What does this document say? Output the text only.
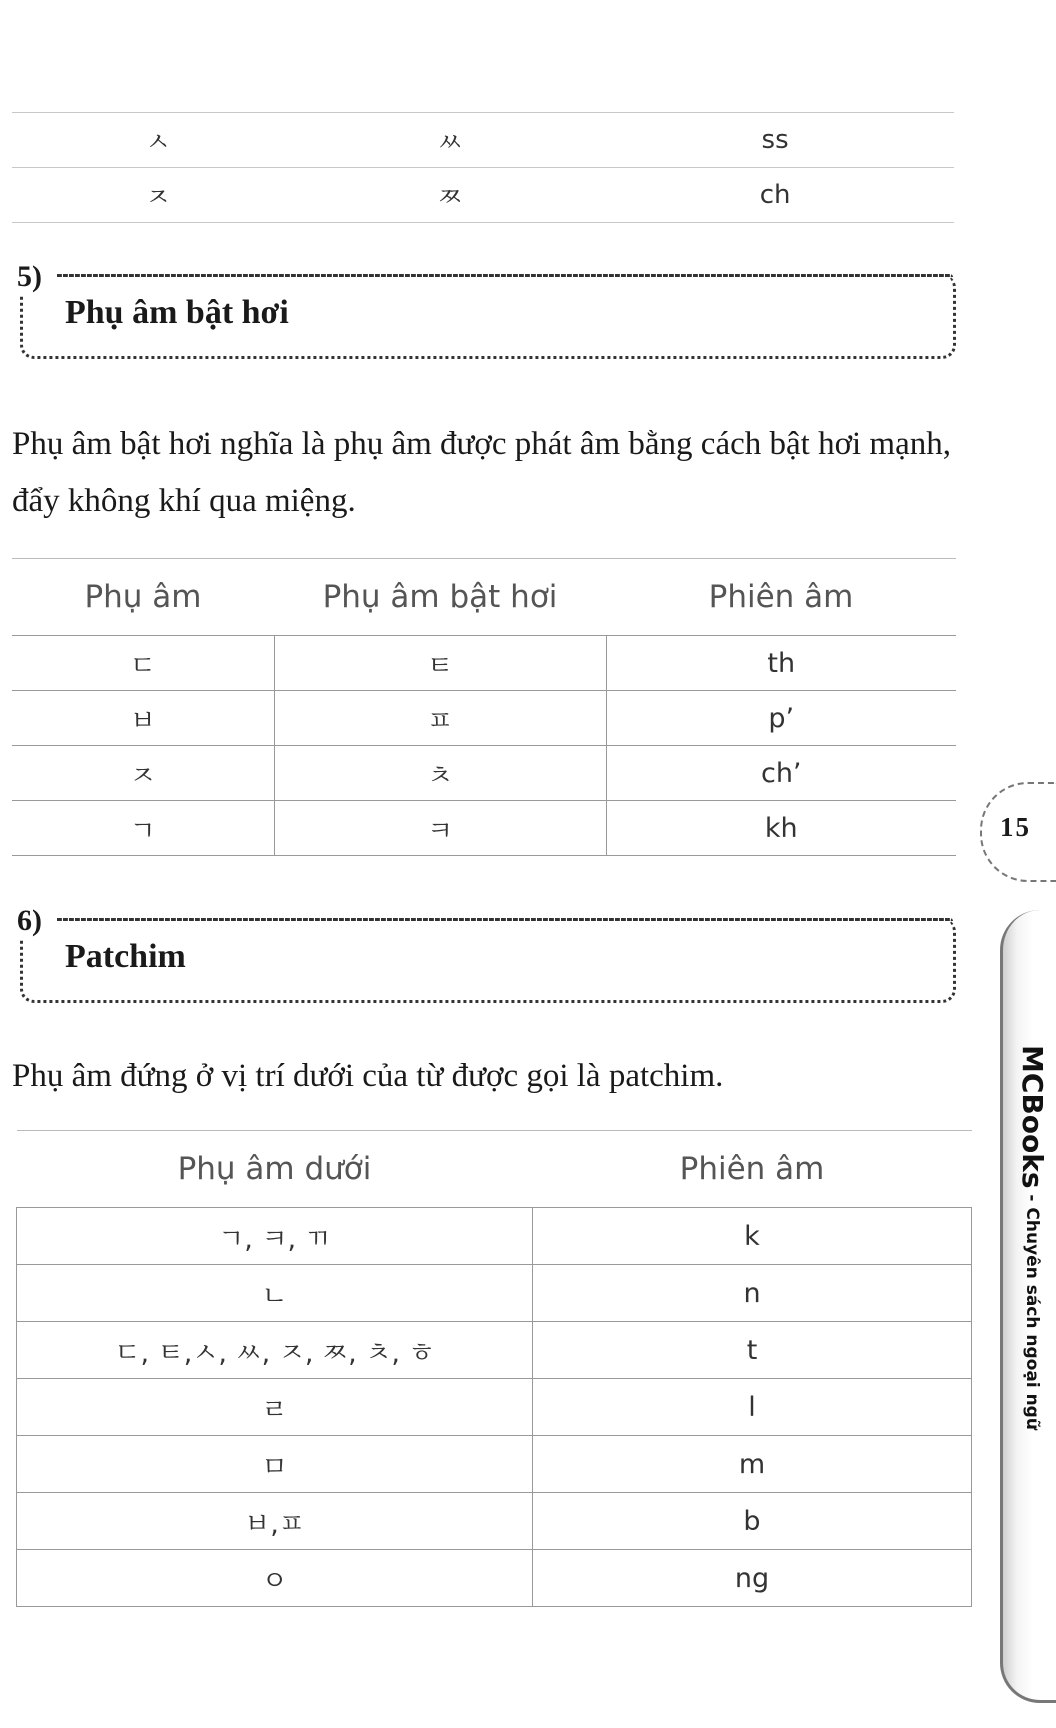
ㅅ	ㅆ	ss
ㅈ	ㅉ	ch
5)
Phụ âm bật hơi
Phụ âm bật hơi nghĩa là phụ âm được phát âm bằng cách bật hơi mạnh, đẩy không khí qua miệng.
Phụ âm	Phụ âm bật hơi	Phiên âm
ㄷ	ㅌ	th
ㅂ	ㅍ	p’
ㅈ	ㅊ	ch’
ㄱ	ㅋ	kh
6)
Patchim
Phụ âm đứng ở vị trí dưới của từ được gọi là patchim.
Phụ âm dưới	Phiên âm
ㄱ, ㅋ, ㄲ	k
ㄴ	n
ㄷ, ㅌ,ㅅ, ㅆ, ㅈ, ㅉ, ㅊ, ㅎ	t
ㄹ	l
ㅁ	m
ㅂ,ㅍ	b
ㅇ	ng
15
MCBooks - Chuyên sách ngoại ngữ
